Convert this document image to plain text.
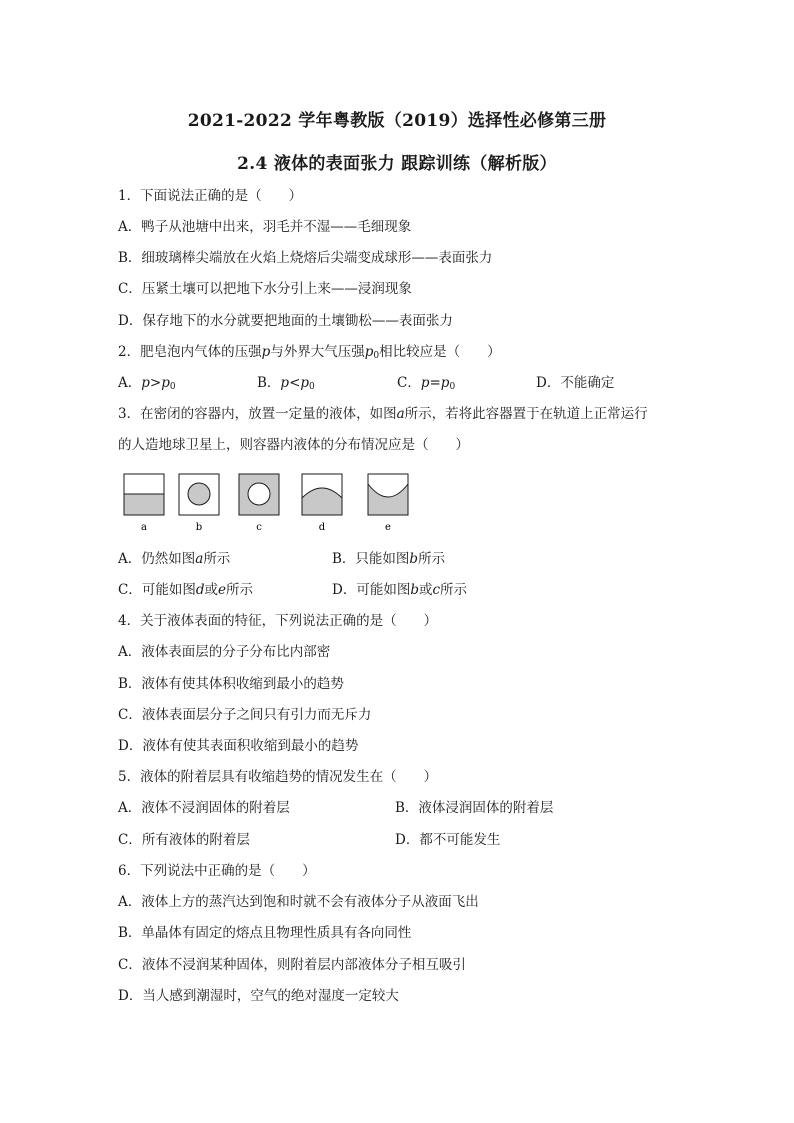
2021-2022 学年粤教版（2019）选择性必修第三册
2.4 液体的表面张力 跟踪训练（解析版）
1．下面说法正确的是（　　）
A．鸭子从池塘中出来，羽毛并不湿——毛细现象
B．细玻璃棒尖端放在火焰上烧熔后尖端变成球形——表面张力
C．压紧土壤可以把地下水分引上来——浸润现象
D．保存地下的水分就要把地面的土壤锄松——表面张力
2．肥皂泡内气体的压强p与外界大气压强$p_0$相比较应是（　　）
A．$p>p_0$	B．$p<p_0$	C．$p=p_0$	D．不能确定
3．在密闭的容器内，放置一定量的液体，如图a所示，若将此容器置于在轨道上正常运行
的人造地球卫星上，则容器内液体的分布情况应是（　　）
a	b	c	d	e
A．仍然如图a所示	B．只能如图b所示
C．可能如图d或e所示	D．可能如图b或c所示
4．关于液体表面的特征，下列说法正确的是（　　）
A．液体表面层的分子分布比内部密
B．液体有使其体积收缩到最小的趋势
C．液体表面层分子之间只有引力而无斥力
D．液体有使其表面积收缩到最小的趋势
5．液体的附着层具有收缩趋势的情况发生在（　　）
A．液体不浸润固体的附着层	B．液体浸润固体的附着层
C．所有液体的附着层	D．都不可能发生
6．下列说法中正确的是（　　）
A．液体上方的蒸汽达到饱和时就不会有液体分子从液面飞出
B．单晶体有固定的熔点且物理性质具有各向同性
C．液体不浸润某种固体，则附着层内部液体分子相互吸引
D．当人感到潮湿时，空气的绝对湿度一定较大
